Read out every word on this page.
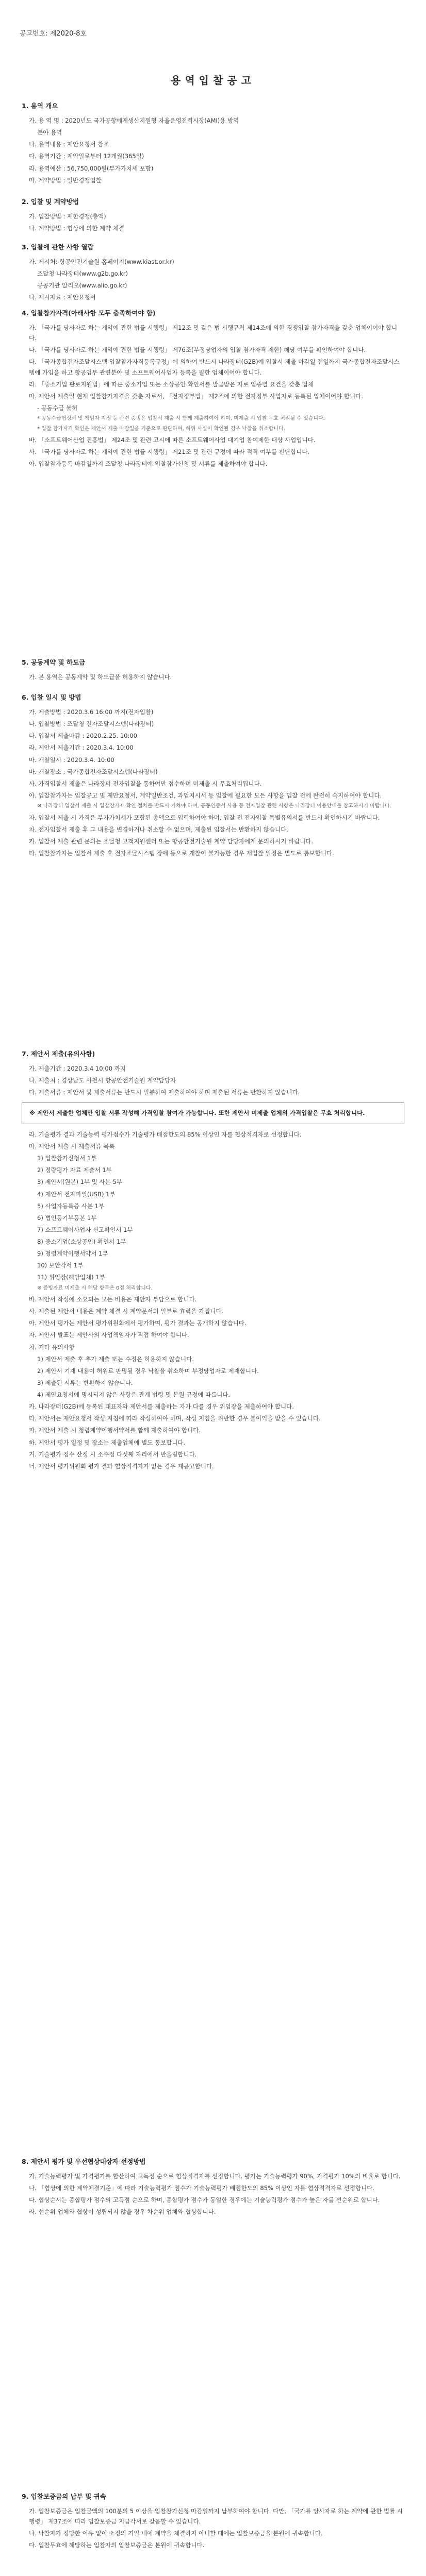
공고번호: 제2020-8호
용역입찰공고
1. 용역 개요
가. 용 역 명 : 2020년도 국가공항에게생산지원형 자율운영전력시장(AMI)용 방역
분야 용역
나. 용역내용 : 제안요청서 참조
다. 용역기간 : 계약일로부터 12개월(365일)
라. 용역예산 : 56,750,000원(부가가치세 포함)
마. 계약방법 : 일반경쟁입찰
2. 입찰 및 계약방법
가. 입찰방법 : 제한경쟁(총액)
나. 계약방법 : 협상에 의한 계약 체결
3. 입찰에 관한 사항 열람
가. 제시처: 항공안전기술원 홈페이지(www.kiast.or.kr)
조달청 나라장터(www.g2b.go.kr)
공공기관 알리오(www.alio.go.kr)
나. 제시자료 : 제안요청서
4. 입찰참가자격(아래사항 모두 충족하여야 함)
가. 「국가를 당사자로 하는 계약에 관한 법률 시행령」 제12조 및 같은 법 시행규칙 제14조에 의한 경쟁입찰 참가자격을 갖춘 업체이어야 합니다.
나. 「국가를 당사자로 하는 계약에 관한 법률 시행령」 제76조(부정당업자의 입찰 참가자격 제한) 해당 여부를 확인하여야 합니다.
다. 「국가종합전자조달시스템 입찰참가자격등록규정」에 의하여 반드시 나라장터(G2B)에 입찰서 제출 마감일 전일까지 국가종합전자조달시스템에 가입을 하고 항공업무 관련분야 및 소프트웨어사업자 등록을 필한 업체이어야 합니다.
라. 「중소기업 판로지원법」에 따른 중소기업 또는 소상공인 확인서를 발급받은 자로 업종별 요건을 갖춘 업체
마. 제안서 제출일 현재 입찰참가자격을 갖춘 자로서, 「전자정부법」 제2조에 의한 전자정부 사업자로 등록된 업체이어야 합니다.
- 공동수급 불허
* 공동수급협정서 및 책임자 지정 등 관련 증빙은 입찰서 제출 시 함께 제출하여야 하며, 미제출 시 입찰 무효 처리될 수 있습니다.
* 입찰 참가자격 확인은 제안서 제출 마감일을 기준으로 판단하며, 허위 사실이 확인될 경우 낙찰을 취소합니다.
바. 「소프트웨어산업 진흥법」 제24조 및 관련 고시에 따른 소프트웨어사업 대기업 참여제한 대상 사업입니다.
사. 「국가를 당사자로 하는 계약에 관한 법률 시행령」 제21조 및 관련 규정에 따라 적격 여부를 판단합니다.
아. 입찰참가등록 마감일까지 조달청 나라장터에 입찰참가신청 및 서류를 제출하여야 합니다.
5. 공동계약 및 하도급
가. 본 용역은 공동계약 및 하도급을 허용하지 않습니다.
6. 입찰 일시 및 방법
가. 제출방법 : 2020.3.6 16:00 까지(전자입찰)
나. 입찰방법 : 조달청 전자조달시스템(나라장터)
다. 입찰서 제출마감 : 2020.2.25. 10:00
라. 제안서 제출기간 : 2020.3.4. 10:00
마. 개찰일시 : 2020.3.4. 10:00
바. 개찰장소 : 국가종합전자조달시스템(나라장터)
사. 가격입찰서 제출은 나라장터 전자입찰을 통하여만 접수하며 미제출 시 무효처리됩니다.
아. 입찰참가자는 입찰공고 및 제안요청서, 계약일반조건, 과업지시서 등 입찰에 필요한 모든 사항을 입찰 전에 완전히 숙지하여야 합니다.
※ 나라장터 입찰서 제출 시 입찰참가자 확인 절차를 반드시 거쳐야 하며, 공동인증서 사용 등 전자입찰 관련 사항은 나라장터 이용안내를 참고하시기 바랍니다.
자. 입찰서 제출 시 가격은 부가가치세가 포함된 총액으로 입력하여야 하며, 입찰 전 전자입찰 특별유의서를 반드시 확인하시기 바랍니다.
차. 전자입찰서 제출 후 그 내용을 변경하거나 취소할 수 없으며, 제출된 입찰서는 반환하지 않습니다.
카. 입찰서 제출 관련 문의는 조달청 고객지원센터 또는 항공안전기술원 계약 담당자에게 문의하시기 바랍니다.
타. 입찰참가자는 입찰서 제출 후 전자조달시스템 장애 등으로 개찰이 불가능한 경우 재입찰 일정은 별도로 통보합니다.
7. 제안서 제출(유의사항)
가. 제출기간 : 2020.3.4 10:00 까지
나. 제출처 : 경상남도 사천시 항공안전기술원 계약담당자
다. 제출서류 : 제안서 및 제출서류는 반드시 밀봉하여 제출하여야 하며 제출된 서류는 반환하지 않습니다.
※ 제안서 제출한 업체만 입찰 서류 작성해 가격입찰 참여가 가능합니다. 또한 제안서 미제출 업체의 가격입찰은 무효 처리합니다.
라. 기술평가 결과 기술능력 평가점수가 기술평가 배점한도의 85% 이상인 자를 협상적격자로 선정합니다.
마. 제안서 제출 시 제출서류 목록
1) 입찰참가신청서 1부
2) 정량평가 자료 제출서 1부
3) 제안서(원본) 1부 및 사본 5부
4) 제안서 전자파일(USB) 1부
5) 사업자등록증 사본 1부
6) 법인등기부등본 1부
7) 소프트웨어사업자 신고확인서 1부
8) 중소기업(소상공인) 확인서 1부
9) 청렴계약이행서약서 1부
10) 보안각서 1부
11) 위임장(해당업체) 1부
※ 증빙자료 미제출 시 해당 항목은 0점 처리합니다.
바. 제안서 작성에 소요되는 모든 비용은 제안자 부담으로 합니다.
사. 제출된 제안서 내용은 계약 체결 시 계약문서의 일부로 효력을 가집니다.
아. 제안서 평가는 제안서 평가위원회에서 평가하며, 평가 결과는 공개하지 않습니다.
자. 제안서 발표는 제안사의 사업책임자가 직접 하여야 합니다.
차. 기타 유의사항
1) 제안서 제출 후 추가 제출 또는 수정은 허용하지 않습니다.
2) 제안서 기재 내용이 허위로 판명될 경우 낙찰을 취소하며 부정당업자로 제재합니다.
3) 제출된 서류는 반환하지 않습니다.
4) 제안요청서에 명시되지 않은 사항은 관계 법령 및 본원 규정에 따릅니다.
카. 나라장터(G2B)에 등록된 대표자와 제안서를 제출하는 자가 다를 경우 위임장을 제출하여야 합니다.
타. 제안서는 제안요청서 작성 지침에 따라 작성하여야 하며, 작성 지침을 위반한 경우 불이익을 받을 수 있습니다.
파. 제안서 제출 시 청렴계약이행서약서를 함께 제출하여야 합니다.
하. 제안서 평가 일정 및 장소는 제출업체에 별도 통보합니다.
거. 기술평가 점수 산정 시 소수점 다섯째 자리에서 반올림합니다.
너. 제안서 평가위원회 평가 결과 협상적격자가 없는 경우 재공고합니다.
8. 제안서 평가 및 우선협상대상자 선정방법
가. 기술능력평가 및 가격평가를 합산하여 고득점 순으로 협상적격자를 선정합니다. 평가는 기술능력평가 90%, 가격평가 10%의 비율로 합니다.
나. 「협상에 의한 계약체결기준」에 따라 기술능력평가 점수가 기술능력평가 배점한도의 85% 이상인 자를 협상적격자로 선정합니다.
다. 협상순서는 종합평가 점수의 고득점 순으로 하며, 종합평가 점수가 동일한 경우에는 기술능력평가 점수가 높은 자를 선순위로 합니다.
라. 선순위 업체와 협상이 성립되지 않을 경우 차순위 업체와 협상합니다.
9. 입찰보증금의 납부 및 귀속
가. 입찰보증금은 입찰금액의 100분의 5 이상을 입찰참가신청 마감일까지 납부하여야 합니다. 다만, 「국가를 당사자로 하는 계약에 관한 법률 시행령」 제37조에 따라 입찰보증금 지급각서로 갈음할 수 있습니다.
나. 낙찰자가 정당한 이유 없이 소정의 기일 내에 계약을 체결하지 아니할 때에는 입찰보증금을 본원에 귀속합니다.
다. 입찰무효에 해당하는 입찰자의 입찰보증금은 본원에 귀속합니다.
